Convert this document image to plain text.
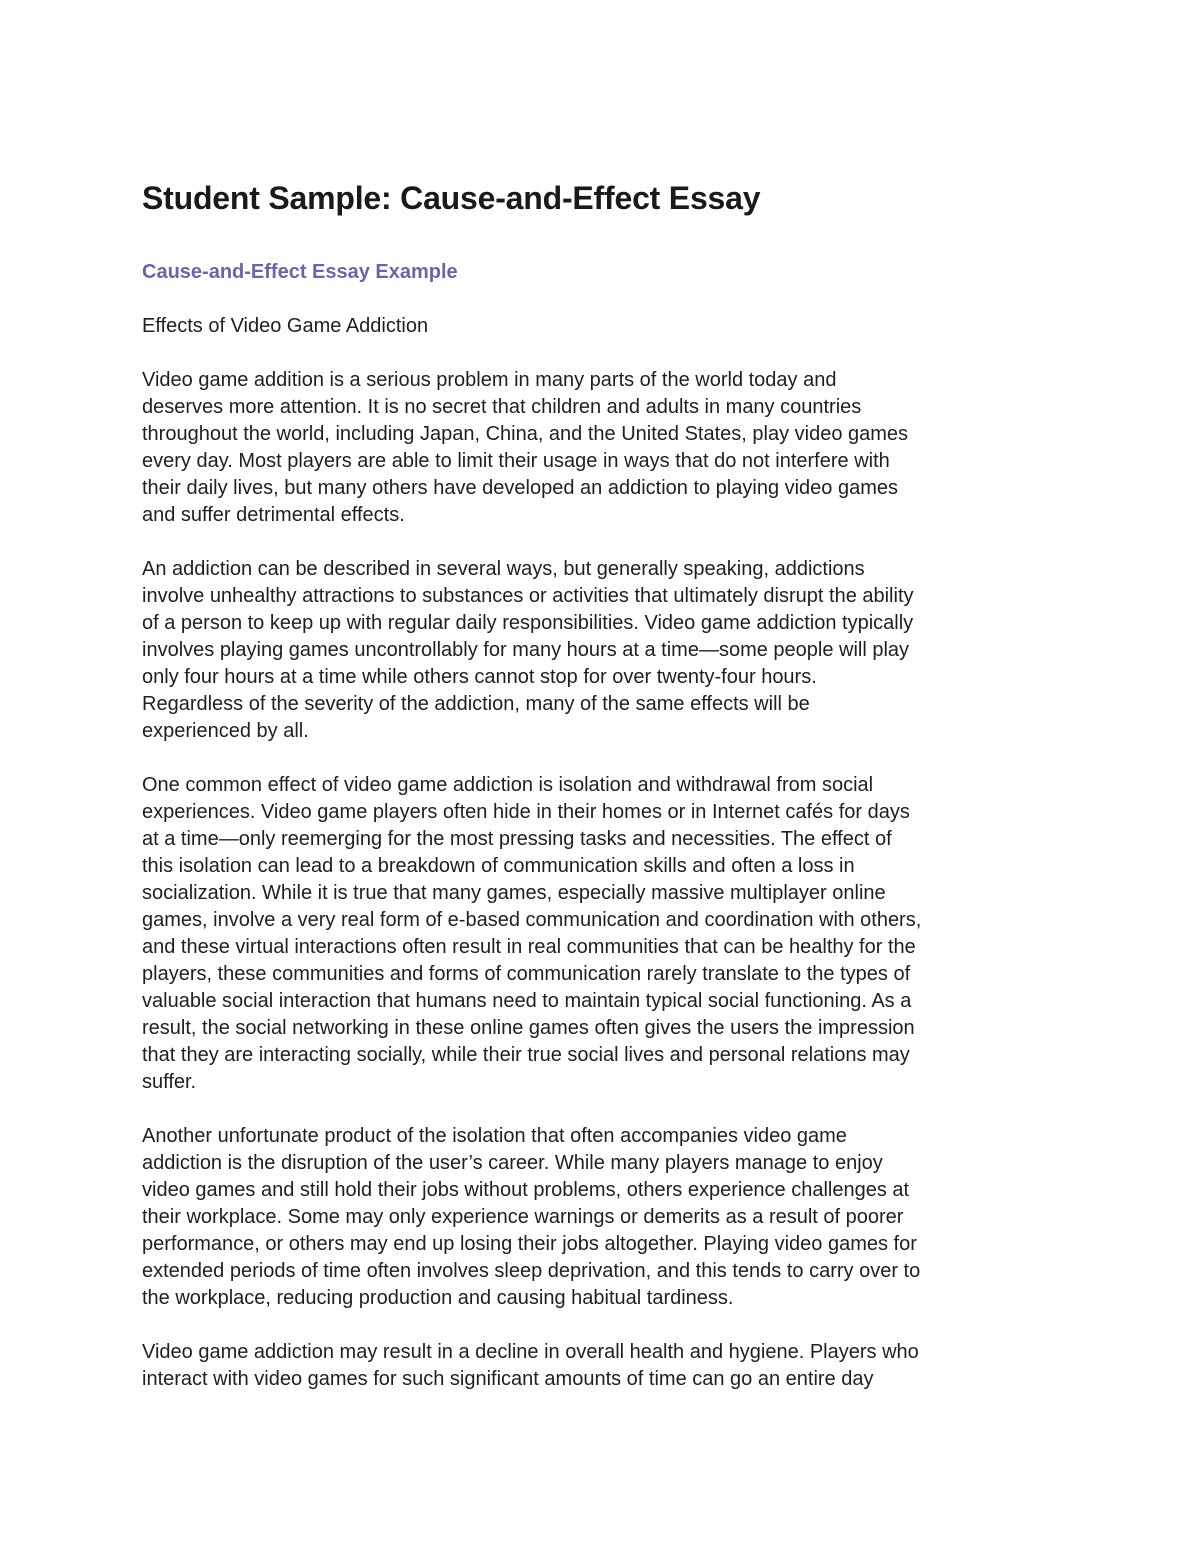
Student Sample: Cause-and-Effect Essay
Cause-and-Effect Essay Example

Effects of Video Game Addiction

Video game addition is a serious problem in many parts of the world today and
deserves more attention. It is no secret that children and adults in many countries
throughout the world, including Japan, China, and the United States, play video games
every day. Most players are able to limit their usage in ways that do not interfere with
their daily lives, but many others have developed an addiction to playing video games
and suffer detrimental effects.

An addiction can be described in several ways, but generally speaking, addictions
involve unhealthy attractions to substances or activities that ultimately disrupt the ability
of a person to keep up with regular daily responsibilities. Video game addiction typically
involves playing games uncontrollably for many hours at a time—some people will play
only four hours at a time while others cannot stop for over twenty-four hours.
Regardless of the severity of the addiction, many of the same effects will be
experienced by all.

One common effect of video game addiction is isolation and withdrawal from social
experiences. Video game players often hide in their homes or in Internet cafés for days
at a time—only reemerging for the most pressing tasks and necessities. The effect of
this isolation can lead to a breakdown of communication skills and often a loss in
socialization. While it is true that many games, especially massive multiplayer online
games, involve a very real form of e-based communication and coordination with others,
and these virtual interactions often result in real communities that can be healthy for the
players, these communities and forms of communication rarely translate to the types of
valuable social interaction that humans need to maintain typical social functioning. As a
result, the social networking in these online games often gives the users the impression
that they are interacting socially, while their true social lives and personal relations may
suffer.

Another unfortunate product of the isolation that often accompanies video game
addiction is the disruption of the user’s career. While many players manage to enjoy
video games and still hold their jobs without problems, others experience challenges at
their workplace. Some may only experience warnings or demerits as a result of poorer
performance, or others may end up losing their jobs altogether. Playing video games for
extended periods of time often involves sleep deprivation, and this tends to carry over to
the workplace, reducing production and causing habitual tardiness.

Video game addiction may result in a decline in overall health and hygiene. Players who
interact with video games for such significant amounts of time can go an entire day
